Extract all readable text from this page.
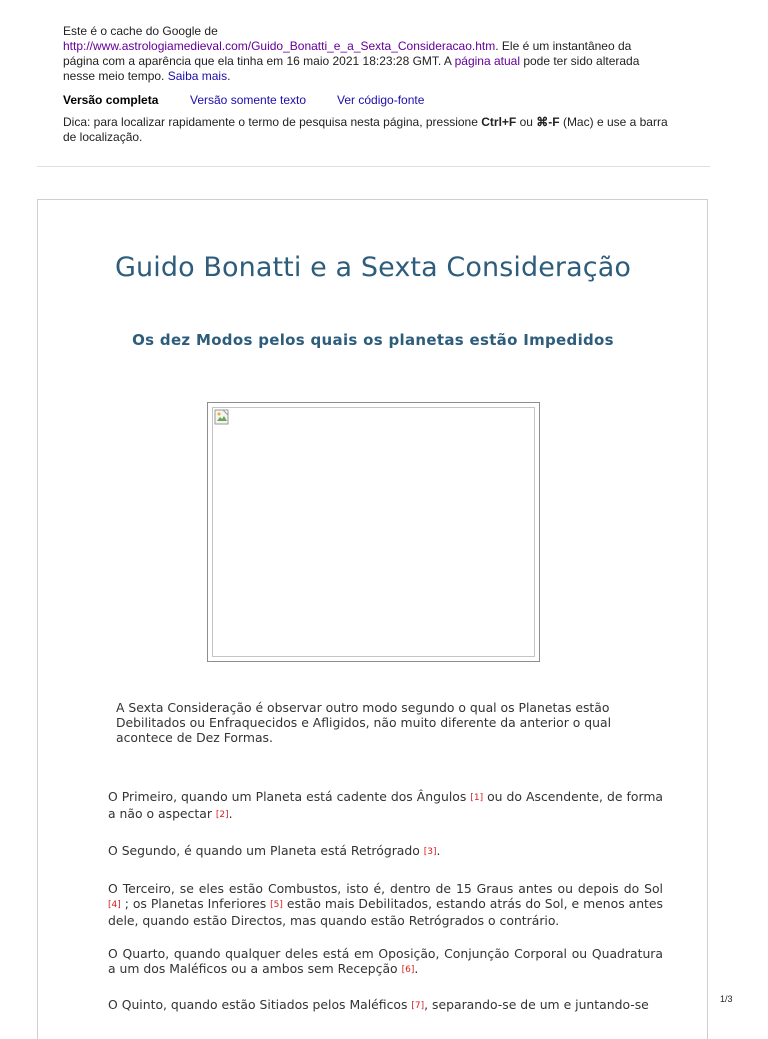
Este é o cache do Google de
http://www.astrologiamedieval.com/Guido_Bonatti_e_a_Sexta_Consideracao.htm. Ele é um instantâneo da página com a aparência que ela tinha em 16 maio 2021 18:23:28 GMT. A página atual pode ter sido alterada nesse meio tempo. Saiba mais.
Versão completa	Versão somente texto	Ver código-fonte
Dica: para localizar rapidamente o termo de pesquisa nesta página, pressione Ctrl+F ou ⌘-F (Mac) e use a barra de localização.
Guido Bonatti e a Sexta Consideração
Os dez Modos pelos quais os planetas estão Impedidos
A Sexta Consideração é observar outro modo segundo o qual os Planetas estão Debilitados ou Enfraquecidos e Afligidos, não muito diferente da anterior o qual acontece de Dez Formas.
O Primeiro, quando um Planeta está cadente dos Ângulos [1] ou do Ascendente, de forma a não o aspectar [2].
O Segundo, é quando um Planeta está Retrógrado [3].
O Terceiro, se eles estão Combustos, isto é, dentro de 15 Graus antes ou depois do Sol [4] ; os Planetas Inferiores [5] estão mais Debilitados, estando atrás do Sol, e menos antes dele, quando estão Directos, mas quando estão Retrógrados o contrário.
O Quarto, quando qualquer deles está em Oposição, Conjunção Corporal ou Quadratura a um dos Maléficos ou a ambos sem Recepção [6].
O Quinto, quando estão Sitiados pelos Maléficos [7], separando-se de um e juntando-se	1/3
